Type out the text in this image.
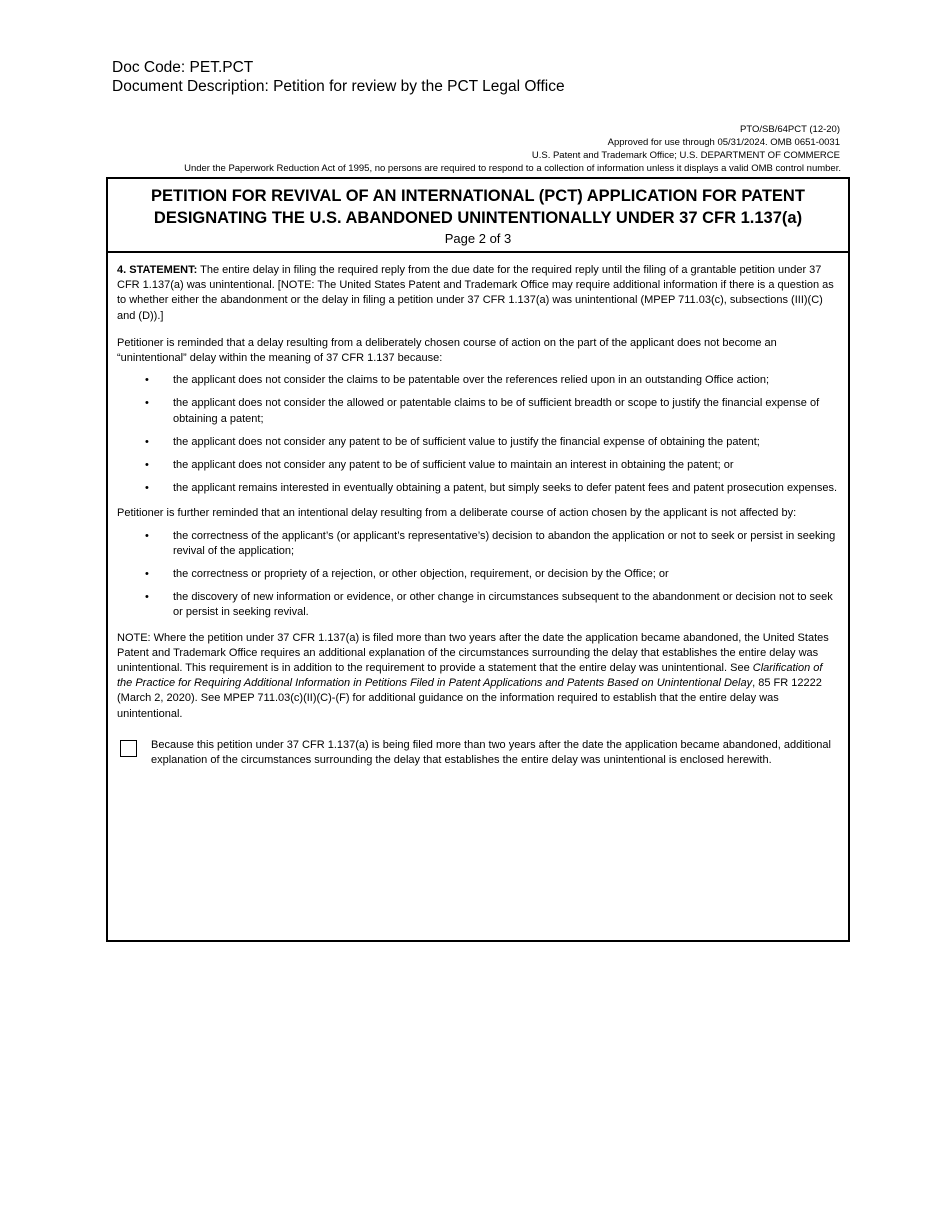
Doc Code: PET.PCT
Document Description: Petition for review by the PCT Legal Office
PTO/SB/64PCT (12-20)
Approved for use through 05/31/2024. OMB 0651-0031
U.S. Patent and Trademark Office; U.S. DEPARTMENT OF COMMERCE
Under the Paperwork Reduction Act of 1995, no persons are required to respond to a collection of information unless it displays a valid OMB control number.
PETITION FOR REVIVAL OF AN INTERNATIONAL (PCT) APPLICATION FOR PATENT
DESIGNATING THE U.S. ABANDONED UNINTENTIONALLY UNDER 37 CFR 1.137(a)
Page 2 of 3

4. STATEMENT: The entire delay in filing the required reply from the due date for the required reply until the filing of a grantable petition under 37 CFR 1.137(a) was unintentional. [NOTE: The United States Patent and Trademark Office may require additional information if there is a question as to whether either the abandonment or the delay in filing a petition under 37 CFR 1.137(a) was unintentional (MPEP 711.03(c), subsections (III)(C) and (D)).]

Petitioner is reminded that a delay resulting from a deliberately chosen course of action on the part of the applicant does not become an “unintentional” delay within the meaning of 37 CFR 1.137 because:

• the applicant does not consider the claims to be patentable over the references relied upon in an outstanding Office action;
• the applicant does not consider the allowed or patentable claims to be of sufficient breadth or scope to justify the financial expense of obtaining a patent;
• the applicant does not consider any patent to be of sufficient value to justify the financial expense of obtaining the patent;
• the applicant does not consider any patent to be of sufficient value to maintain an interest in obtaining the patent; or
• the applicant remains interested in eventually obtaining a patent, but simply seeks to defer patent fees and patent prosecution expenses.

Petitioner is further reminded that an intentional delay resulting from a deliberate course of action chosen by the applicant is not affected by:

• the correctness of the applicant’s (or applicant’s representative’s) decision to abandon the application or not to seek or persist in seeking revival of the application;
• the correctness or propriety of a rejection, or other objection, requirement, or decision by the Office; or
• the discovery of new information or evidence, or other change in circumstances subsequent to the abandonment or decision not to seek or persist in seeking revival.

NOTE: Where the petition under 37 CFR 1.137(a) is filed more than two years after the date the application became abandoned, the United States Patent and Trademark Office requires an additional explanation of the circumstances surrounding the delay that establishes the entire delay was unintentional. This requirement is in addition to the requirement to provide a statement that the entire delay was unintentional. See Clarification of the Practice for Requiring Additional Information in Petitions Filed in Patent Applications and Patents Based on Unintentional Delay, 85 FR 12222 (March 2, 2020). See MPEP 711.03(c)(II)(C)-(F) for additional guidance on the information required to establish that the entire delay was unintentional.

Because this petition under 37 CFR 1.137(a) is being filed more than two years after the date the application became abandoned, additional explanation of the circumstances surrounding the delay that establishes the entire delay was unintentional is enclosed herewith.
